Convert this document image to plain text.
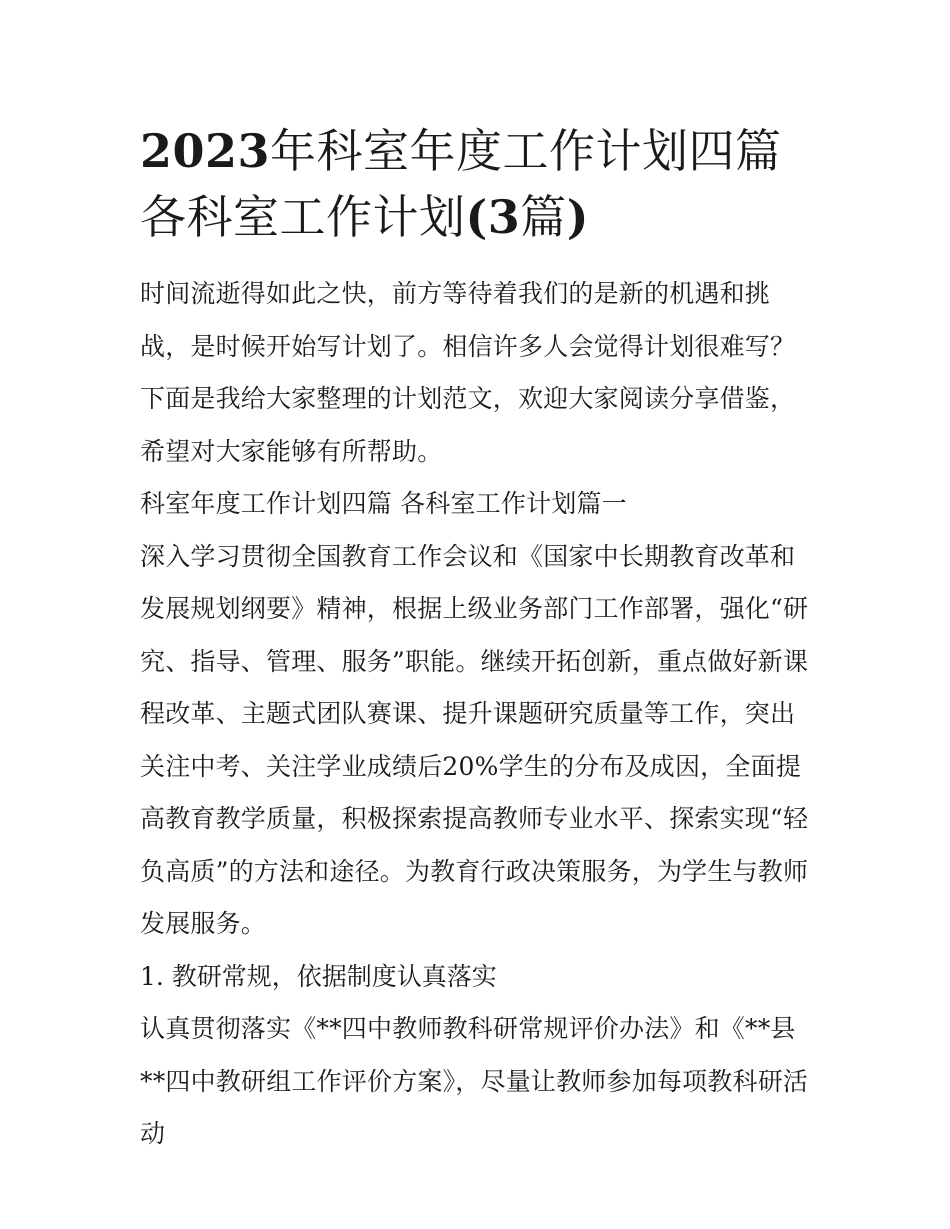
2023年科室年度工作计划四篇
各科室工作计划(3篇)

时间流逝得如此之快，前方等待着我们的是新的机遇和挑战，是时候开始写计划了。相信许多人会觉得计划很难写？下面是我给大家整理的计划范文，欢迎大家阅读分享借鉴，希望对大家能够有所帮助。

科室年度工作计划四篇 各科室工作计划篇一

深入学习贯彻全国教育工作会议和《国家中长期教育改革和发展规划纲要》精神，根据上级业务部门工作部署，强化“研究、指导、管理、服务”职能。继续开拓创新，重点做好新课程改革、主题式团队赛课、提升课题研究质量等工作，突出关注中考、关注学业成绩后20%学生的分布及成因，全面提高教育教学质量，积极探索提高教师专业水平、探索实现“轻负高质”的方法和途径。为教育行政决策服务，为学生与教师发展服务。

1. 教研常规，依据制度认真落实

认真贯彻落实《**四中教师教科研常规评价办法》和《**县**四中教研组工作评价方案》，尽量让教师参加每项教科研活动
